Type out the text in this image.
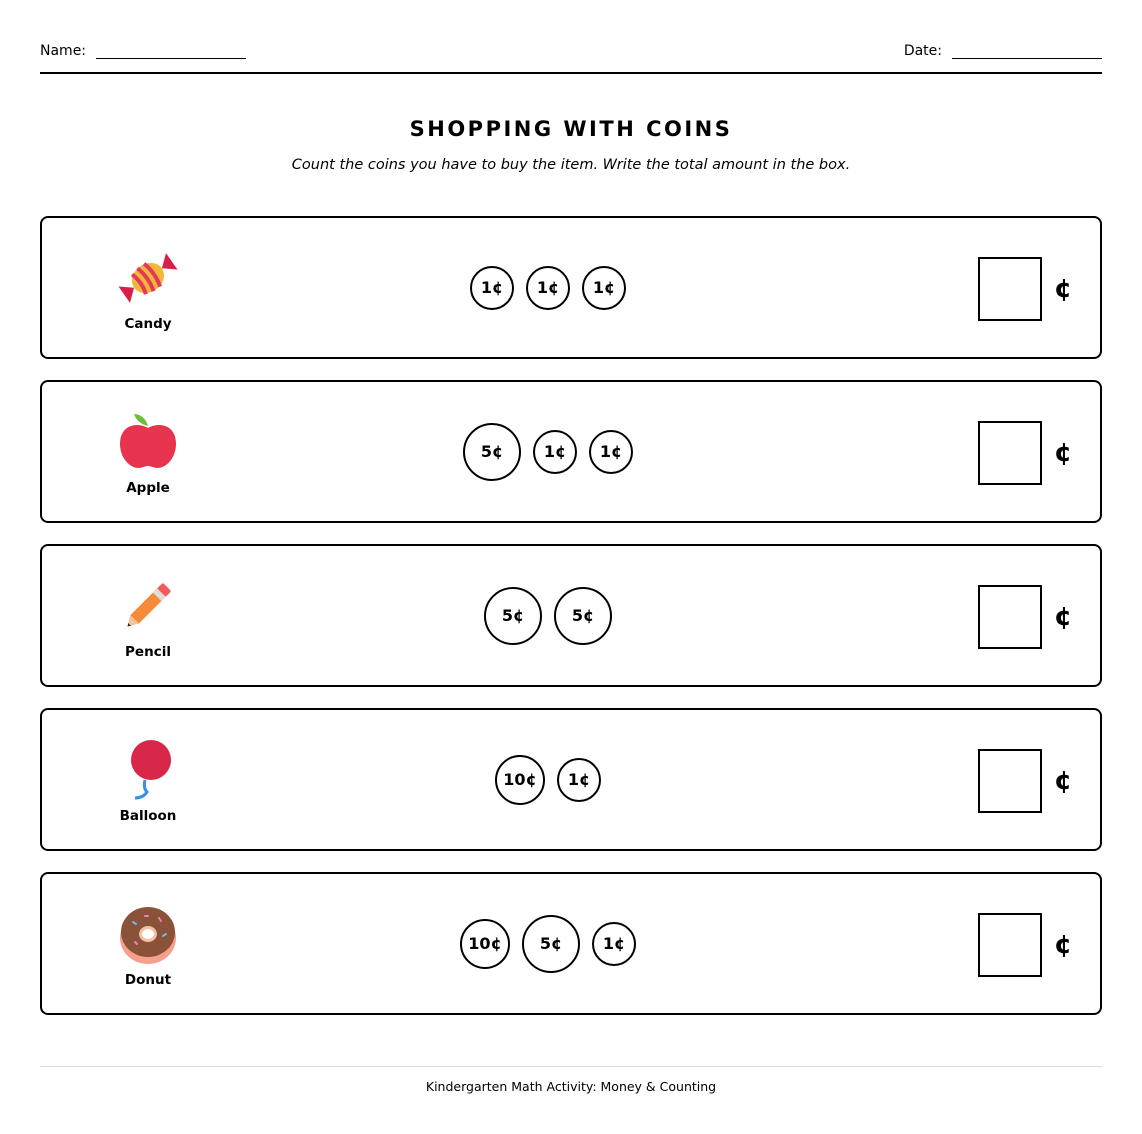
Name:	Date:
SHOPPING WITH COINS
Count the coins you have to buy the item. Write the total amount in the box.
Candy
1¢	1¢	1¢	¢
Apple
5¢	1¢	1¢	¢
Pencil
5¢	5¢	¢
Balloon
10¢	1¢	¢
Donut
10¢	5¢	1¢	¢
Kindergarten Math Activity: Money & Counting
